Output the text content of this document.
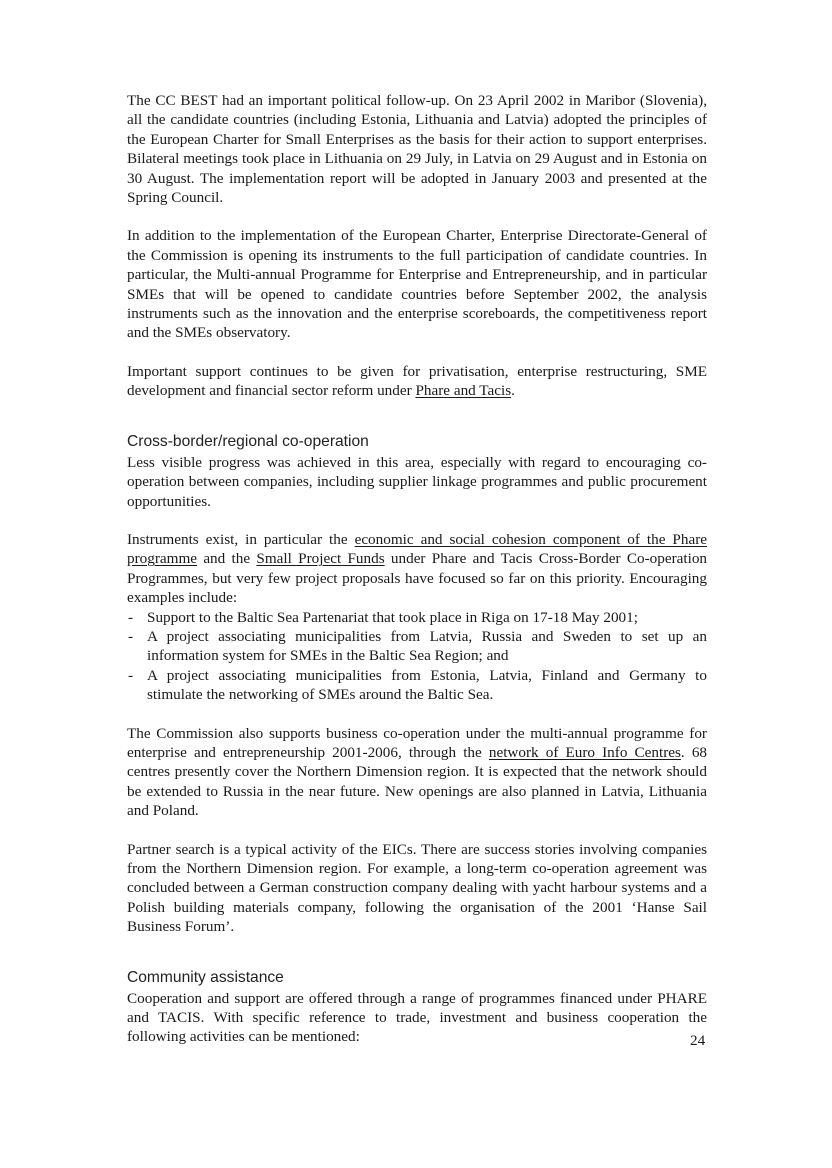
The CC BEST had an important political follow-up. On 23 April 2002 in Maribor (Slovenia), all the candidate countries (including Estonia, Lithuania and Latvia) adopted the principles of the European Charter for Small Enterprises as the basis for their action to support enterprises. Bilateral meetings took place in Lithuania on 29 July, in Latvia on 29 August and in Estonia on 30 August. The implementation report will be adopted in January 2003 and presented at the Spring Council.

In addition to the implementation of the European Charter, Enterprise Directorate-General of the Commission is opening its instruments to the full participation of candidate countries. In particular, the Multi-annual Programme for Enterprise and Entrepreneurship, and in particular SMEs that will be opened to candidate countries before September 2002, the analysis instruments such as the innovation and the enterprise scoreboards, the competitiveness report and the SMEs observatory.

Important support continues to be given for privatisation, enterprise restructuring, SME development and financial sector reform under Phare and Tacis.

Cross-border/regional co-operation

Less visible progress was achieved in this area, especially with regard to encouraging co-operation between companies, including supplier linkage programmes and public procurement opportunities.

Instruments exist, in particular the economic and social cohesion component of the Phare programme and the Small Project Funds under Phare and Tacis Cross-Border Co-operation Programmes, but very few project proposals have focused so far on this priority. Encouraging examples include:

- Support to the Baltic Sea Partenariat that took place in Riga on 17-18 May 2001;
- A project associating municipalities from Latvia, Russia and Sweden to set up an information system for SMEs in the Baltic Sea Region; and
- A project associating municipalities from Estonia, Latvia, Finland and Germany to stimulate the networking of SMEs around the Baltic Sea.

The Commission also supports business co-operation under the multi-annual programme for enterprise and entrepreneurship 2001-2006, through the network of Euro Info Centres. 68 centres presently cover the Northern Dimension region. It is expected that the network should be extended to Russia in the near future. New openings are also planned in Latvia, Lithuania and Poland.

Partner search is a typical activity of the EICs. There are success stories involving companies from the Northern Dimension region. For example, a long-term co-operation agreement was concluded between a German construction company dealing with yacht harbour systems and a Polish building materials company, following the organisation of the 2001 ‘Hanse Sail Business Forum’.

Community assistance

Cooperation and support are offered through a range of programmes financed under PHARE and TACIS. With specific reference to trade, investment and business cooperation the following activities can be mentioned:	24
